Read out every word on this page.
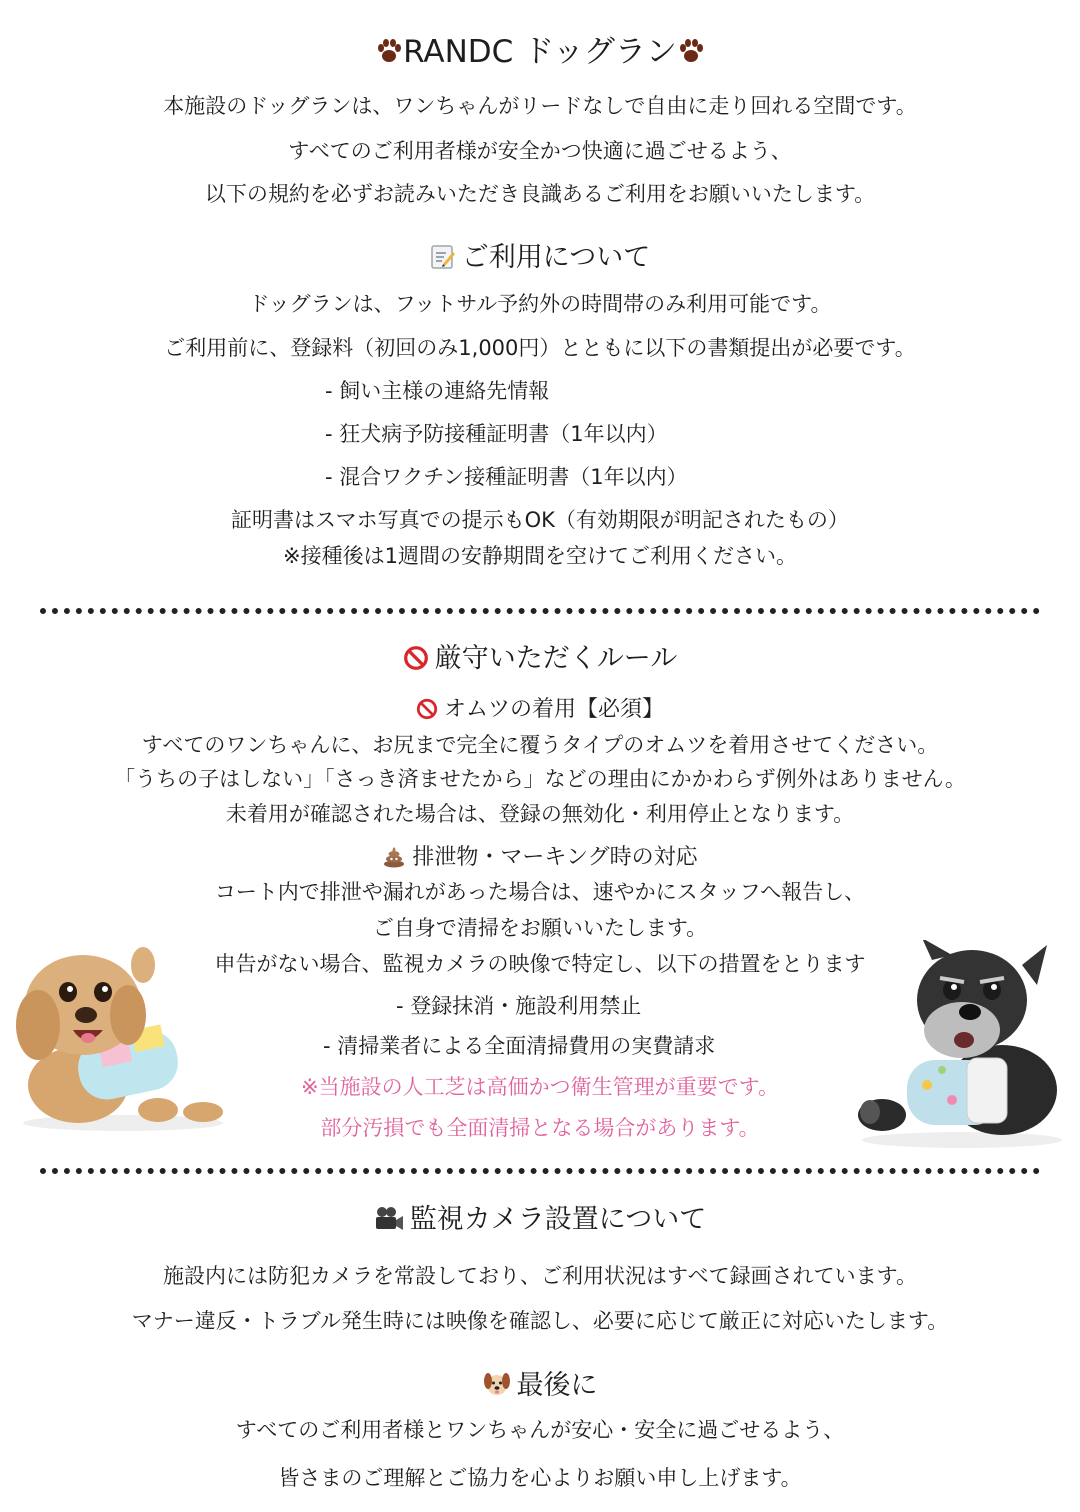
RANDC ドッグラン
本施設のドッグランは、ワンちゃんがリードなしで自由に走り回れる空間です。
すべてのご利用者様が安全かつ快適に過ごせるよう、
以下の規約を必ずお読みいただき良識あるご利用をお願いいたします。
ご利用について
ドッグランは、フットサル予約外の時間帯のみ利用可能です。
ご利用前に、登録料（初回のみ1,000円）とともに以下の書類提出が必要です。
- 飼い主様の連絡先情報
- 狂犬病予防接種証明書（1年以内）
- 混合ワクチン接種証明書（1年以内）
証明書はスマホ写真での提示もOK（有効期限が明記されたもの）
※接種後は1週間の安静期間を空けてご利用ください。
厳守いただくルール
オムツの着用【必須】
すべてのワンちゃんに、お尻まで完全に覆うタイプのオムツを着用させてください。
「うちの子はしない」「さっき済ませたから」などの理由にかかわらず例外はありません。
未着用が確認された場合は、登録の無効化・利用停止となります。
排泄物・マーキング時の対応
コート内で排泄や漏れがあった場合は、速やかにスタッフへ報告し、
ご自身で清掃をお願いいたします。
申告がない場合、監視カメラの映像で特定し、以下の措置をとります
- 登録抹消・施設利用禁止
- 清掃業者による全面清掃費用の実費請求
※当施設の人工芝は高価かつ衛生管理が重要です。
部分汚損でも全面清掃となる場合があります。
監視カメラ設置について
施設内には防犯カメラを常設しており、ご利用状況はすべて録画されています。
マナー違反・トラブル発生時には映像を確認し、必要に応じて厳正に対応いたします。
最後に
すべてのご利用者様とワンちゃんが安心・安全に過ごせるよう、
皆さまのご理解とご協力を心よりお願い申し上げます。
